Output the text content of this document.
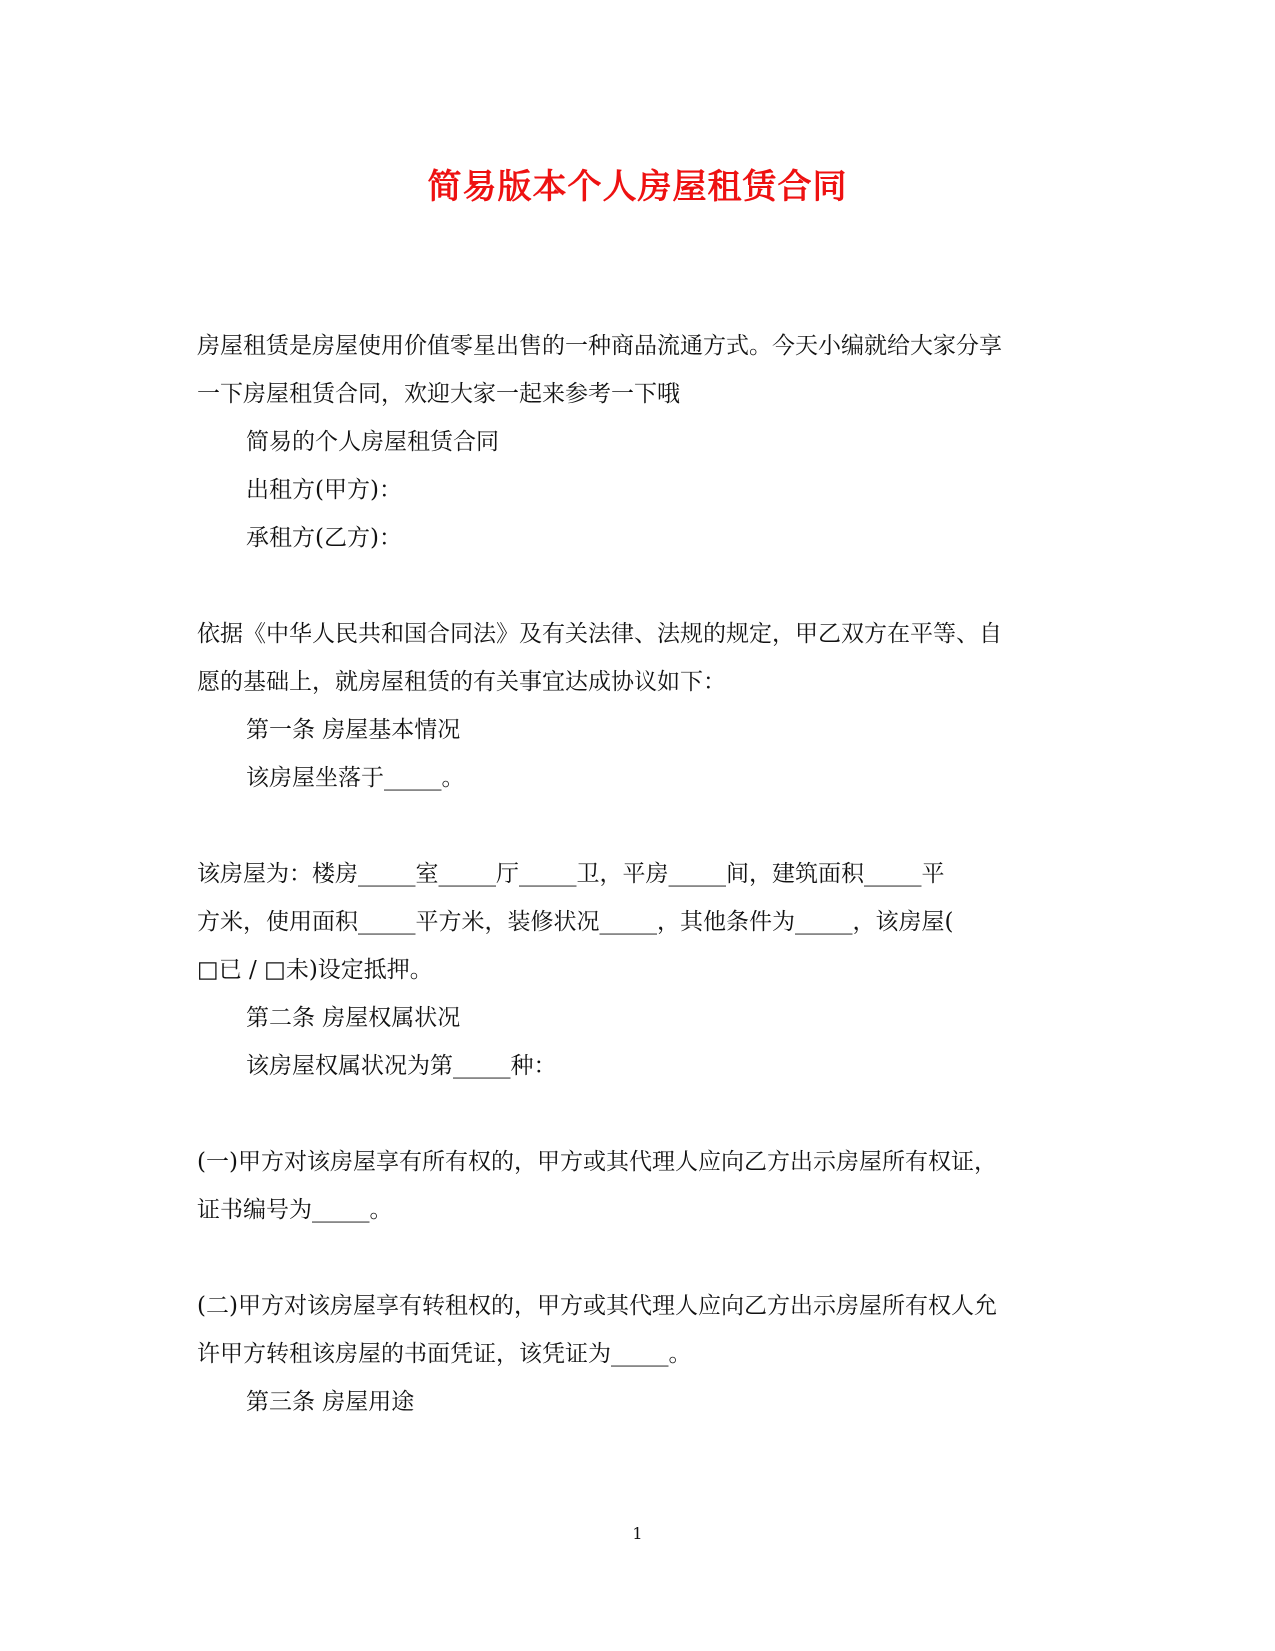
简易版本个人房屋租赁合同
房屋租赁是房屋使用价值零星出售的一种商品流通方式。今天小编就给大家分享
一下房屋租赁合同，欢迎大家一起来参考一下哦
简易的个人房屋租赁合同
出租方(甲方)：
承租方(乙方)：
依据《中华人民共和国合同法》及有关法律、法规的规定，甲乙双方在平等、自
愿的基础上，就房屋租赁的有关事宜达成协议如下：
第一条 房屋基本情况
该房屋坐落于_____。
该房屋为：楼房_____室_____厅_____卫，平房_____间，建筑面积_____平
方米，使用面积_____平方米，装修状况_____，其他条件为_____，该房屋(
□已 / □未)设定抵押。
第二条 房屋权属状况
该房屋权属状况为第_____种：
(一)甲方对该房屋享有所有权的，甲方或其代理人应向乙方出示房屋所有权证，
证书编号为_____。
(二)甲方对该房屋享有转租权的，甲方或其代理人应向乙方出示房屋所有权人允
许甲方转租该房屋的书面凭证，该凭证为_____。
第三条 房屋用途
1
